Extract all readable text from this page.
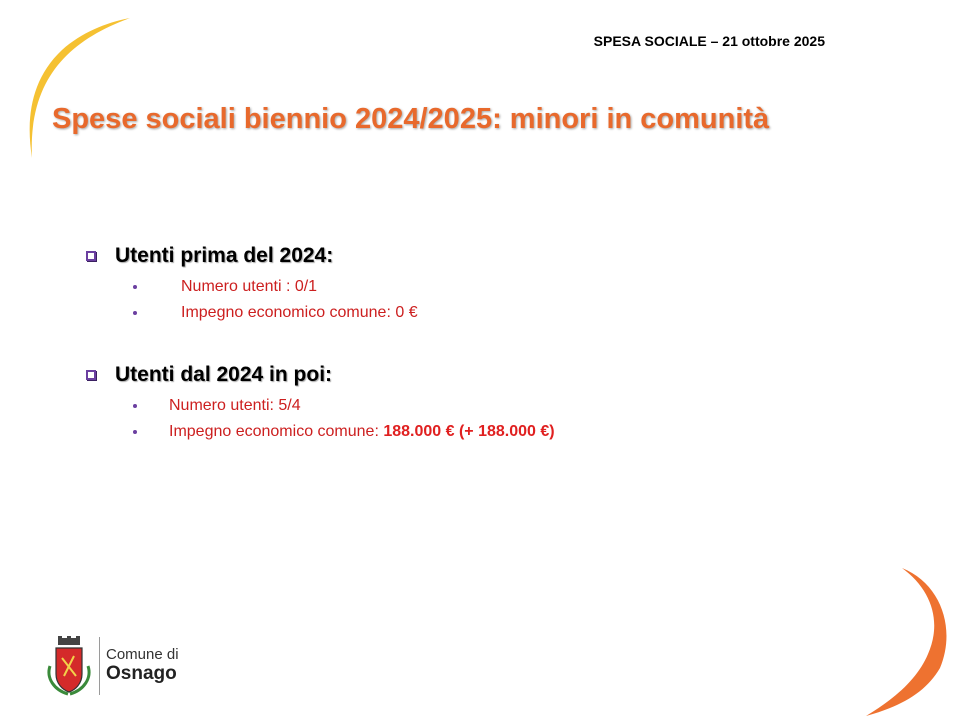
SPESA SOCIALE – 21 ottobre 2025
Spese sociali biennio 2024/2025: minori in comunità
Utenti prima del 2024:
Numero utenti : 0/1
Impegno economico comune: 0 €
Utenti dal 2024 in poi:
Numero utenti: 5/4
Impegno economico comune: 188.000 € (+ 188.000 €)
Comune di
Osnago
